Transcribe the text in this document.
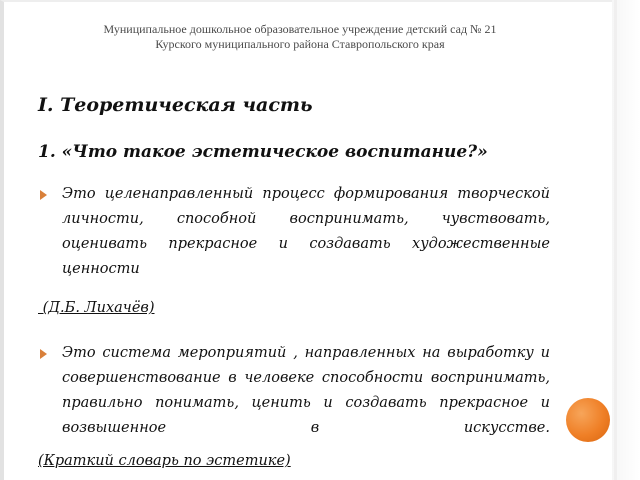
Муниципальное дошкольное образовательное учреждение детский сад № 21
Курского муниципального района Ставропольского края
I. Теоретическая часть
1. «Что такое эстетическое воспитание?»

Это целенаправленный процесс формирования творческой личности, способной воспринимать, чувствовать, оценивать прекрасное и создавать художественные ценности

(Д.Б. Лихачёв)

Это система мероприятий , направленных на выработку и совершенствование в человеке способности воспринимать, правильно понимать, ценить и создавать прекрасное и возвышенное в искусстве.

(Краткий словарь по эстетике)
